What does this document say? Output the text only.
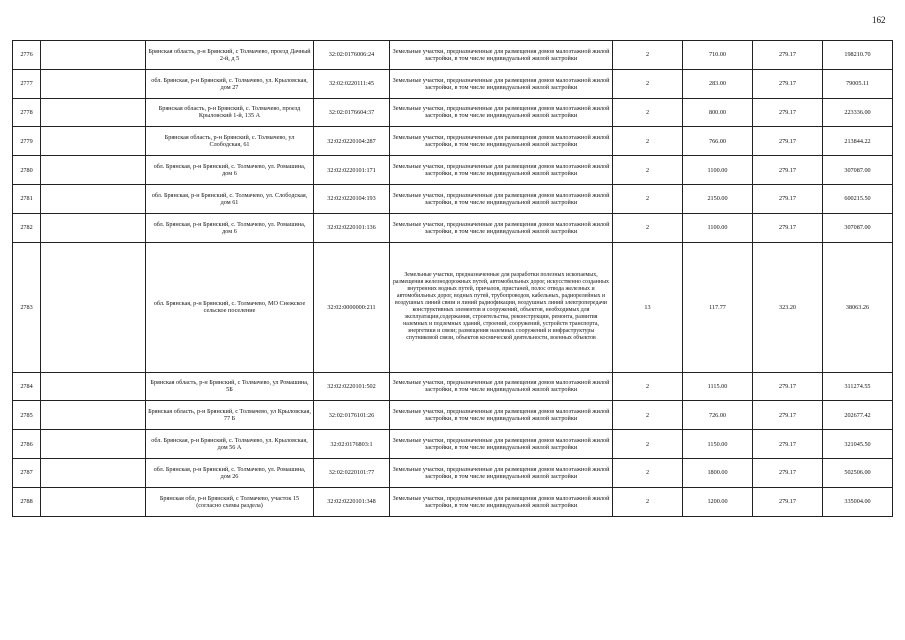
162
2776		Брянская область, р-н Брянский, с Толмачево, проезд Дачный 2-й, д 5	32:02:0176006:24	Земельные участки, предназначенные для размещения домов малоэтажной жилой застройки, в том числе индивидуальной жилой застройки	2	710.00	279.17	198210.70
2777		обл. Брянская, р-н Брянский, с. Толмачево, ул. Крыловская, дом 27	32:02:0220111:45	Земельные участки, предназначенные для размещения домов малоэтажной жилой застройки, в том числе индивидуальной жилой застройки	2	283.00	279.17	79005.11
2778		Брянская область, р-н Брянский, с. Толмачево, проезд Крыловский 1-й, 135 А	32:02:0176604:37	Земельные участки, предназначенные для размещения домов малоэтажной жилой застройки, в том числе индивидуальной жилой застройки	2	800.00	279.17	223336.00
2779		Брянская область, р-н Брянский, с. Толмачево, ул Слободская, 61	32:02:0220104:287	Земельные участки, предназначенные для размещения домов малоэтажной жилой застройки, в том числе индивидуальной жилой застройки	2	766.00	279.17	213844.22
2780		обл. Брянская, р-н Брянский, с. Толмачево, ул. Ромашина, дом 6	32:02:0220101:171	Земельные участки, предназначенные для размещения домов малоэтажной жилой застройки, в том числе индивидуальной жилой застройки	2	1100.00	279.17	307087.00
2781		обл. Брянская, р-н Брянский, с. Толмачево, ул. Слободская, дом 61	32:02:0220104:193	Земельные участки, предназначенные для размещения домов малоэтажной жилой застройки, в том числе индивидуальной жилой застройки	2	2150.00	279.17	600215.50
2782		обл. Брянская, р-н Брянский, с. Толмачево, ул. Ромашина, дом 6	32:02:0220101:136	Земельные участки, предназначенные для размещения домов малоэтажной жилой застройки, в том числе индивидуальной жилой застройки	2	1100.00	279.17	307087.00
2783		обл. Брянская, р-н Брянский, с. Толмачево, МО Снежское сельское поселение	32:02:0000000:211	Земельные участки, предназначенные для разработки полезных ископаемых, размещения железнодорожных путей, автомобильных дорог, искусственно созданных внутренних водных путей, причалов, пристаней, полос отвода железных и автомобильных дорог, водных путей, трубопроводов, кабельных, радиорелейных и воздушных линий связи и линий радиофикации, воздушных линий электропередачи конструктивных элементов и сооружений, объектов, необходимых для эксплуатации,содержания, строительства, реконструкции, ремонта, развития наземных и подземных зданий, строений, сооружений, устройств транспорта, энергетики и связи; размещения наземных сооружений и инфраструктуры спутниковой связи, объектов космической деятельности, военных объектов	13	117.77	323.20	38063.26
2784		Брянская область, р-н Брянский, с Толмачево, ул Ромашина, 5Б	32:02:0220101:502	Земельные участки, предназначенные для размещения домов малоэтажной жилой застройки, в том числе индивидуальной жилой застройки	2	1115.00	279.17	311274.55
2785		Брянская область, р-н Брянский, с Толмачево, ул Крыловская, 77 Б	32:02:0176101:26	Земельные участки, предназначенные для размещения домов малоэтажной жилой застройки, в том числе индивидуальной жилой застройки	2	726.00	279.17	202677.42
2786		обл. Брянская, р-н Брянский, с. Толмачево, ул. Крыловская, дом 56 А	32:02:0176803:1	Земельные участки, предназначенные для размещения домов малоэтажной жилой застройки, в том числе индивидуальной жилой застройки	2	1150.00	279.17	321045.50
2787		обл. Брянская, р-н Брянский, с. Толмачево, ул. Ромашина, дом 26	32:02:0220101:77	Земельные участки, предназначенные для размещения домов малоэтажной жилой застройки, в том числе индивидуальной жилой застройки	2	1800.00	279.17	502506.00
2788		Брянская обл, р-н Брянский, с Толмачево, участок 15 (согласно схемы раздела)	32:02:0220101:348	Земельные участки, предназначенные для размещения домов малоэтажной жилой застройки, в том числе индивидуальной жилой застройки	2	1200.00	279.17	335004.00
